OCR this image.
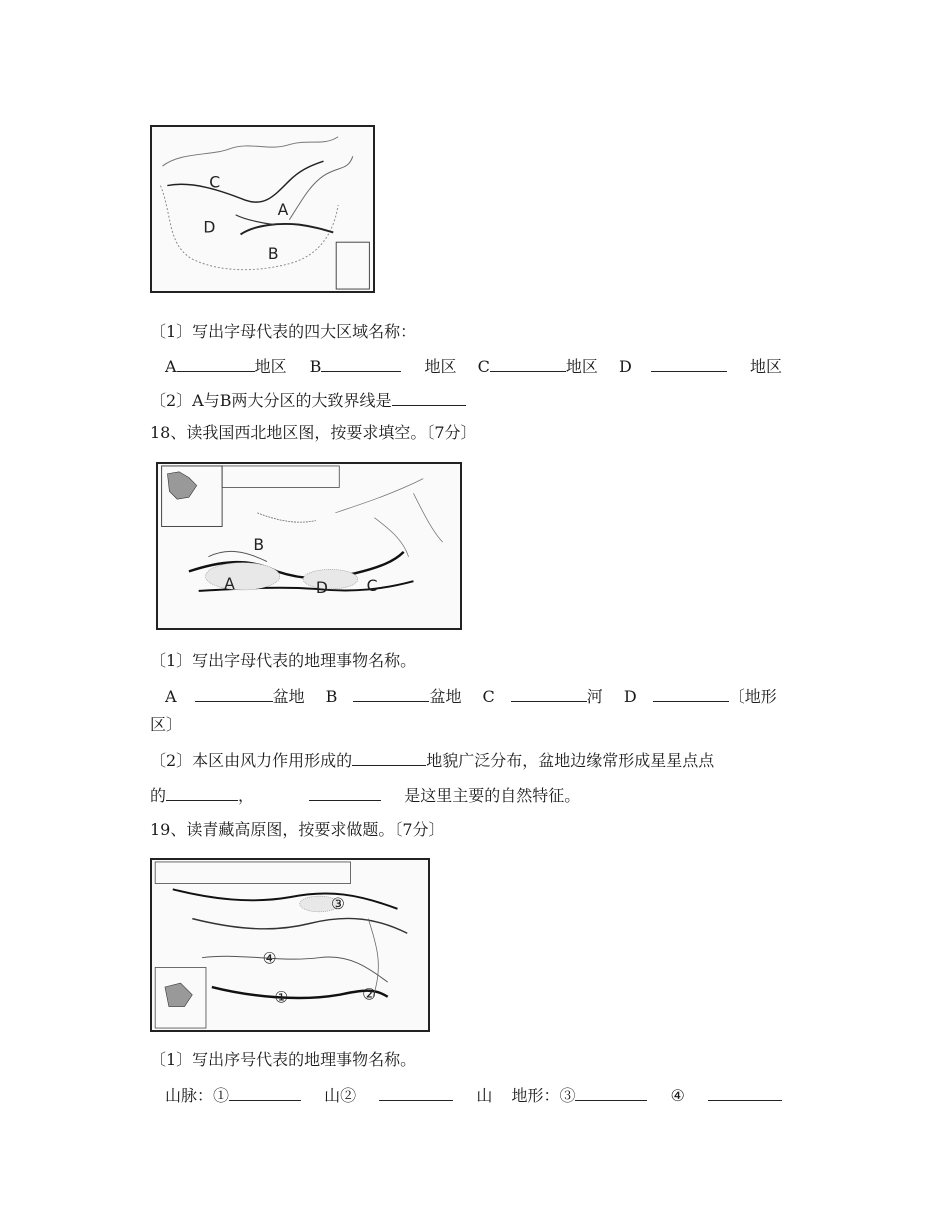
C
A
D
B
〔1〕写出字母代表的四大区域名称：
A	地区 B	地区 C	地区 D	地区
〔2〕A与B两大分区的大致界线是
18、读我国西北地区图，按要求填空。〔7分〕
B
A	D C
〔1〕写出字母代表的地理事物名称。
A	盆地 B	盆地 C	河 D	〔地形
区〕
〔2〕本区由风力作用形成的	地貌广泛分布，盆地边缘常形成星星点点
的	，	是这里主要的自然特征。
19、读青藏高原图，按要求做题。〔7分〕
③
④
①	②
〔1〕写出序号代表的地理事物名称。
山脉：①	山②	山 地形：③	④
